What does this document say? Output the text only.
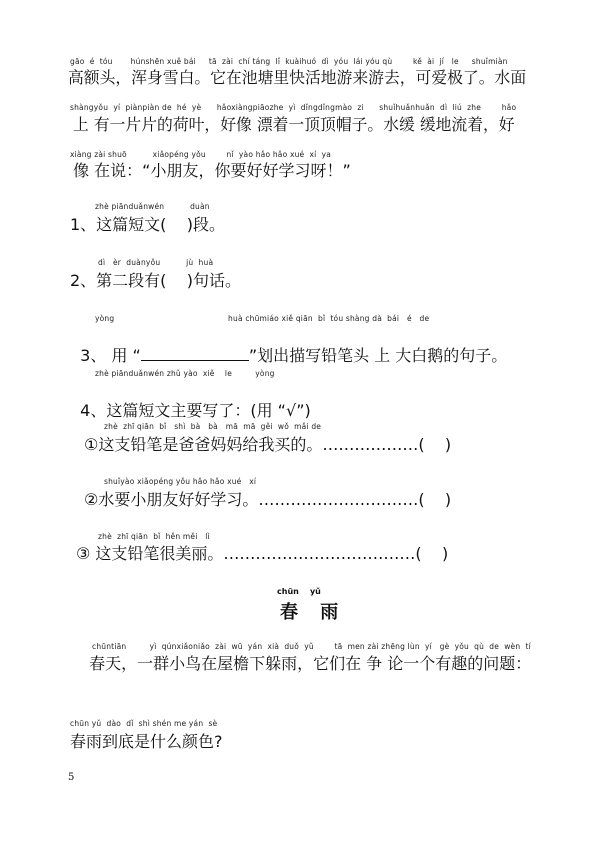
gāo  é  tóu       húnshēn xuě bái     tā  zài  chí táng  lǐ  kuàihuó  dì  yóu  lái yóu qù        kě  ài  jí   le     shuǐmiàn
高额头，浑身雪白。它在池塘里快活地游来游去，可爱极了。水面
shàngyǒu  yí  piànpiàn de  hé  yè      hǎoxiàngpiāozhe  yì  dǐngdǐngmào  zi      shuǐhuǎnhuǎn  dì  liú  zhe        hǎo
上 有一片片的荷叶，好像 漂着一顶顶帽子。水缓 缓地流着，好
xiàng zài shuō          xiǎopéng yǒu        nǐ  yào hǎo hǎo xué  xí  ya
像 在说：“小朋友，你要好好学习呀！”
zhè piānduǎnwén          duàn
1、这篇短文(    )段。
dì   èr  duànyǒu          jù  huà
2、第二段有(    )句话。
yòng                                            huà chūmiáo xiě qiān  bǐ  tóu shàng dà  bái   é   de

3、 用 “	”划出描写铅笔头 上 大白鹅的句子。

zhè piānduǎnwén zhǔ yào  xiě    le         yòng

4、这篇短文主要写了：(用 “√”)

zhè  zhī qiān  bǐ   shì  bà   bà   mā  mā  gěi  wǒ  mǎi de
①这支铅笔是爸爸妈妈给我买的。………………(    )
shuǐyào xiǎopéng yǒu hǎo hǎo xué   xí
②水要小朋友好好学习。…………………………(    )
zhè  zhī qiān  bǐ  hěn měi   lì
③ 这支铅笔很美丽。………………………………(    )
chūn    yǔ
春 雨
chūntiān         yì  qúnxiǎoniǎo  zài  wū  yán  xià  duǒ  yǔ        tā  men zài zhēng lùn  yí   gè  yǒu  qù  de  wèn  tí
春天，一群小鸟在屋檐下躲雨，它们在 争 论一个有趣的问题：
chūn yǔ  dào  dǐ  shì shén me yán  sè
春雨到底是什么颜色?
5
